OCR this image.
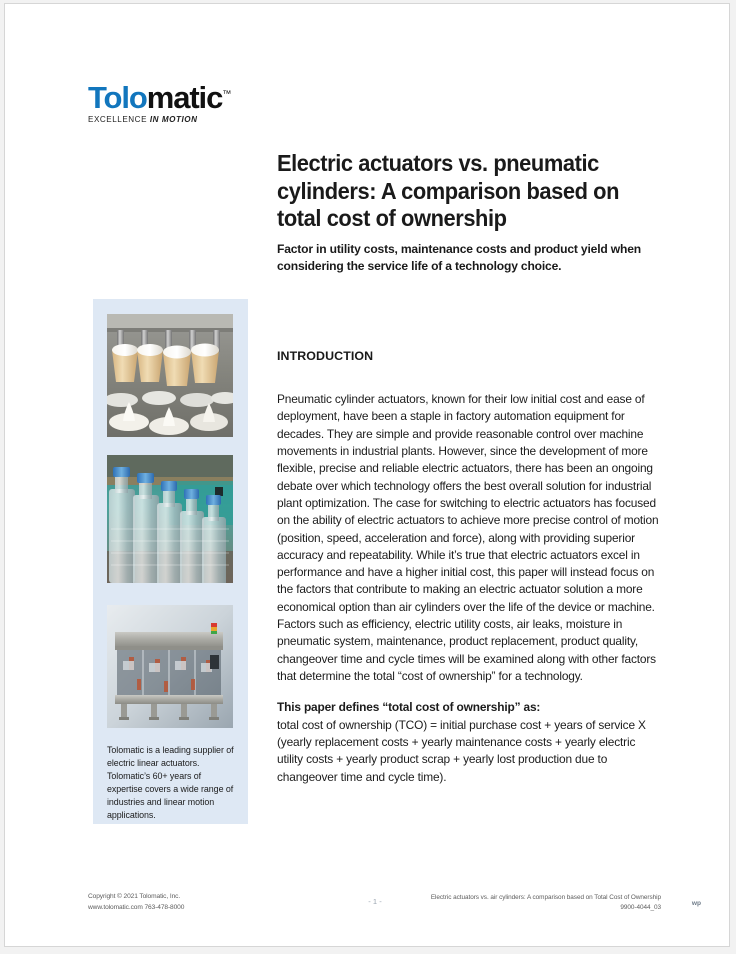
Tolomatic™
EXCELLENCE IN MOTION
Electric actuators vs. pneumatic cylinders: A comparison based on total cost of ownership

Factor in utility costs, maintenance costs and product yield when considering the service life of a technology choice.

INTRODUCTION

Pneumatic cylinder actuators, known for their low initial cost and ease of deployment, have been a staple in factory automation equipment for decades. They are simple and provide reasonable control over machine movements in industrial plants. However, since the development of more flexible, precise and reliable electric actuators, there has been an ongoing debate over which technology offers the best overall solution for industrial plant optimization. The case for switching to electric actuators has focused on the ability of electric actuators to achieve more precise control of motion (position, speed, acceleration and force), along with providing superior accuracy and repeatability. While it’s true that electric actuators excel in performance and have a higher initial cost, this paper will instead focus on the factors that contribute to making an electric actuator solution a more economical option than air cylinders over the life of the device or machine. Factors such as efficiency, electric utility costs, air leaks, moisture in pneumatic system, maintenance, product replacement, product quality, changeover time and cycle times will be examined along with other factors that determine the total “cost of ownership” for a technology.

This paper defines “total cost of ownership” as:

total cost of ownership (TCO) = initial purchase cost + years of service X (yearly replacement costs + yearly maintenance costs + yearly electric utility costs + yearly product scrap + yearly lost production due to changeover time and cycle time).

Tolomatic is a leading supplier of electric linear actuators. Tolomatic’s 60+ years of expertise covers a wide range of industries and linear motion applications.
Copyright © 2021 Tolomatic, Inc.
www.tolomatic.com 763-478-8000
- 1 -	Electric actuators vs. air cylinders: A comparison based on Total Cost of Ownership
9900-4044_03
wp
